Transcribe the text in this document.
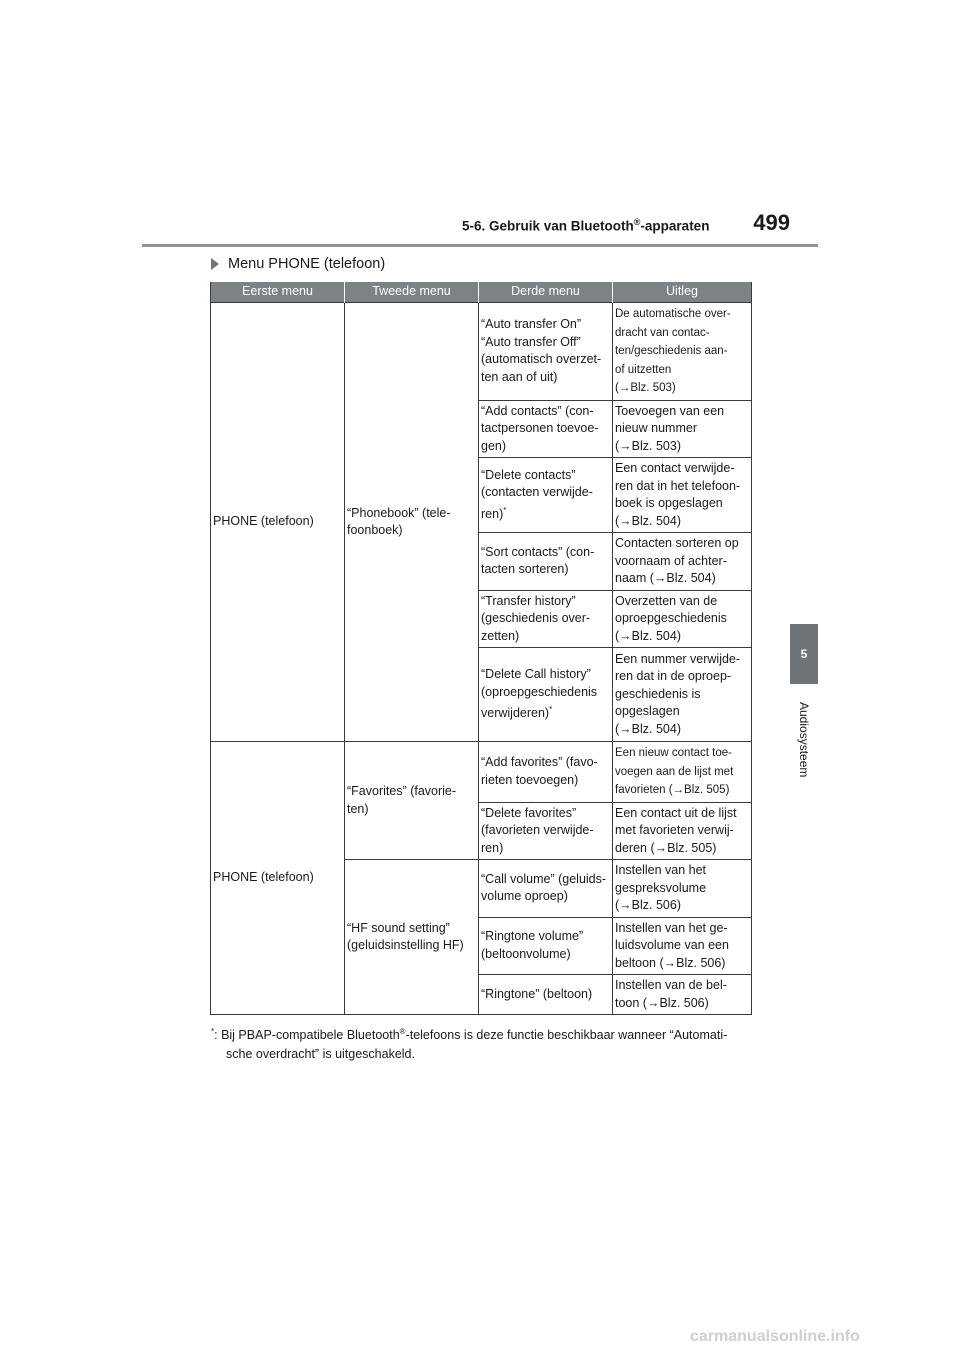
5-6. Gebruik van Bluetooth®-apparaten	499
5
Audiosysteem
Menu PHONE (telefoon)
Eerste menu	Tweede menu	Derde menu	Uitleg
PHONE (telefoon)	“Phonebook” (tele-
foonboek)	“Auto transfer On”
“Auto transfer Off”
(automatisch overzet-
ten aan of uit)	De automatische over-
dracht van contac-
ten/geschiedenis aan-
of uitzetten
(→Blz. 503)
		“Add contacts” (con-
tactpersonen toevoe-
gen)	Toevoegen van een
nieuw nummer
(→Blz. 503)
		“Delete contacts”
(contacten verwijde-
ren)*	Een contact verwijde-
ren dat in het telefoon-
boek is opgeslagen
(→Blz. 504)
		“Sort contacts” (con-
tacten sorteren)	Contacten sorteren op
voornaam of achter-
naam (→Blz. 504)
		“Transfer history”
(geschiedenis over-
zetten)	Overzetten van de
oproepgeschiedenis
(→Blz. 504)
		“Delete Call history”
(oproepgeschiedenis
verwijderen)*	Een nummer verwijde-
ren dat in de oproep-
geschiedenis is
opgeslagen
(→Blz. 504)
PHONE (telefoon)	“Favorites” (favorie-
ten)	“Add favorites” (favo-
rieten toevoegen)	Een nieuw contact toe-
voegen aan de lijst met
favorieten (→Blz. 505)
		“Delete favorites”
(favorieten verwijde-
ren)	Een contact uit de lijst
met favorieten verwij-
deren (→Blz. 505)
	“HF sound setting”
(geluidsinstelling HF)	“Call volume” (geluids-
volume oproep)	Instellen van het
gespreksvolume
(→Blz. 506)
		“Ringtone volume”
(beltoonvolume)	Instellen van het ge-
luidsvolume van een
beltoon (→Blz. 506)
		“Ringtone” (beltoon)	Instellen van de bel-
toon (→Blz. 506)
*: Bij PBAP-compatibele Bluetooth®-telefoons is deze functie beschikbaar wanneer “Automati-
sche overdracht” is uitgeschakeld.
carmanualsonline.info
